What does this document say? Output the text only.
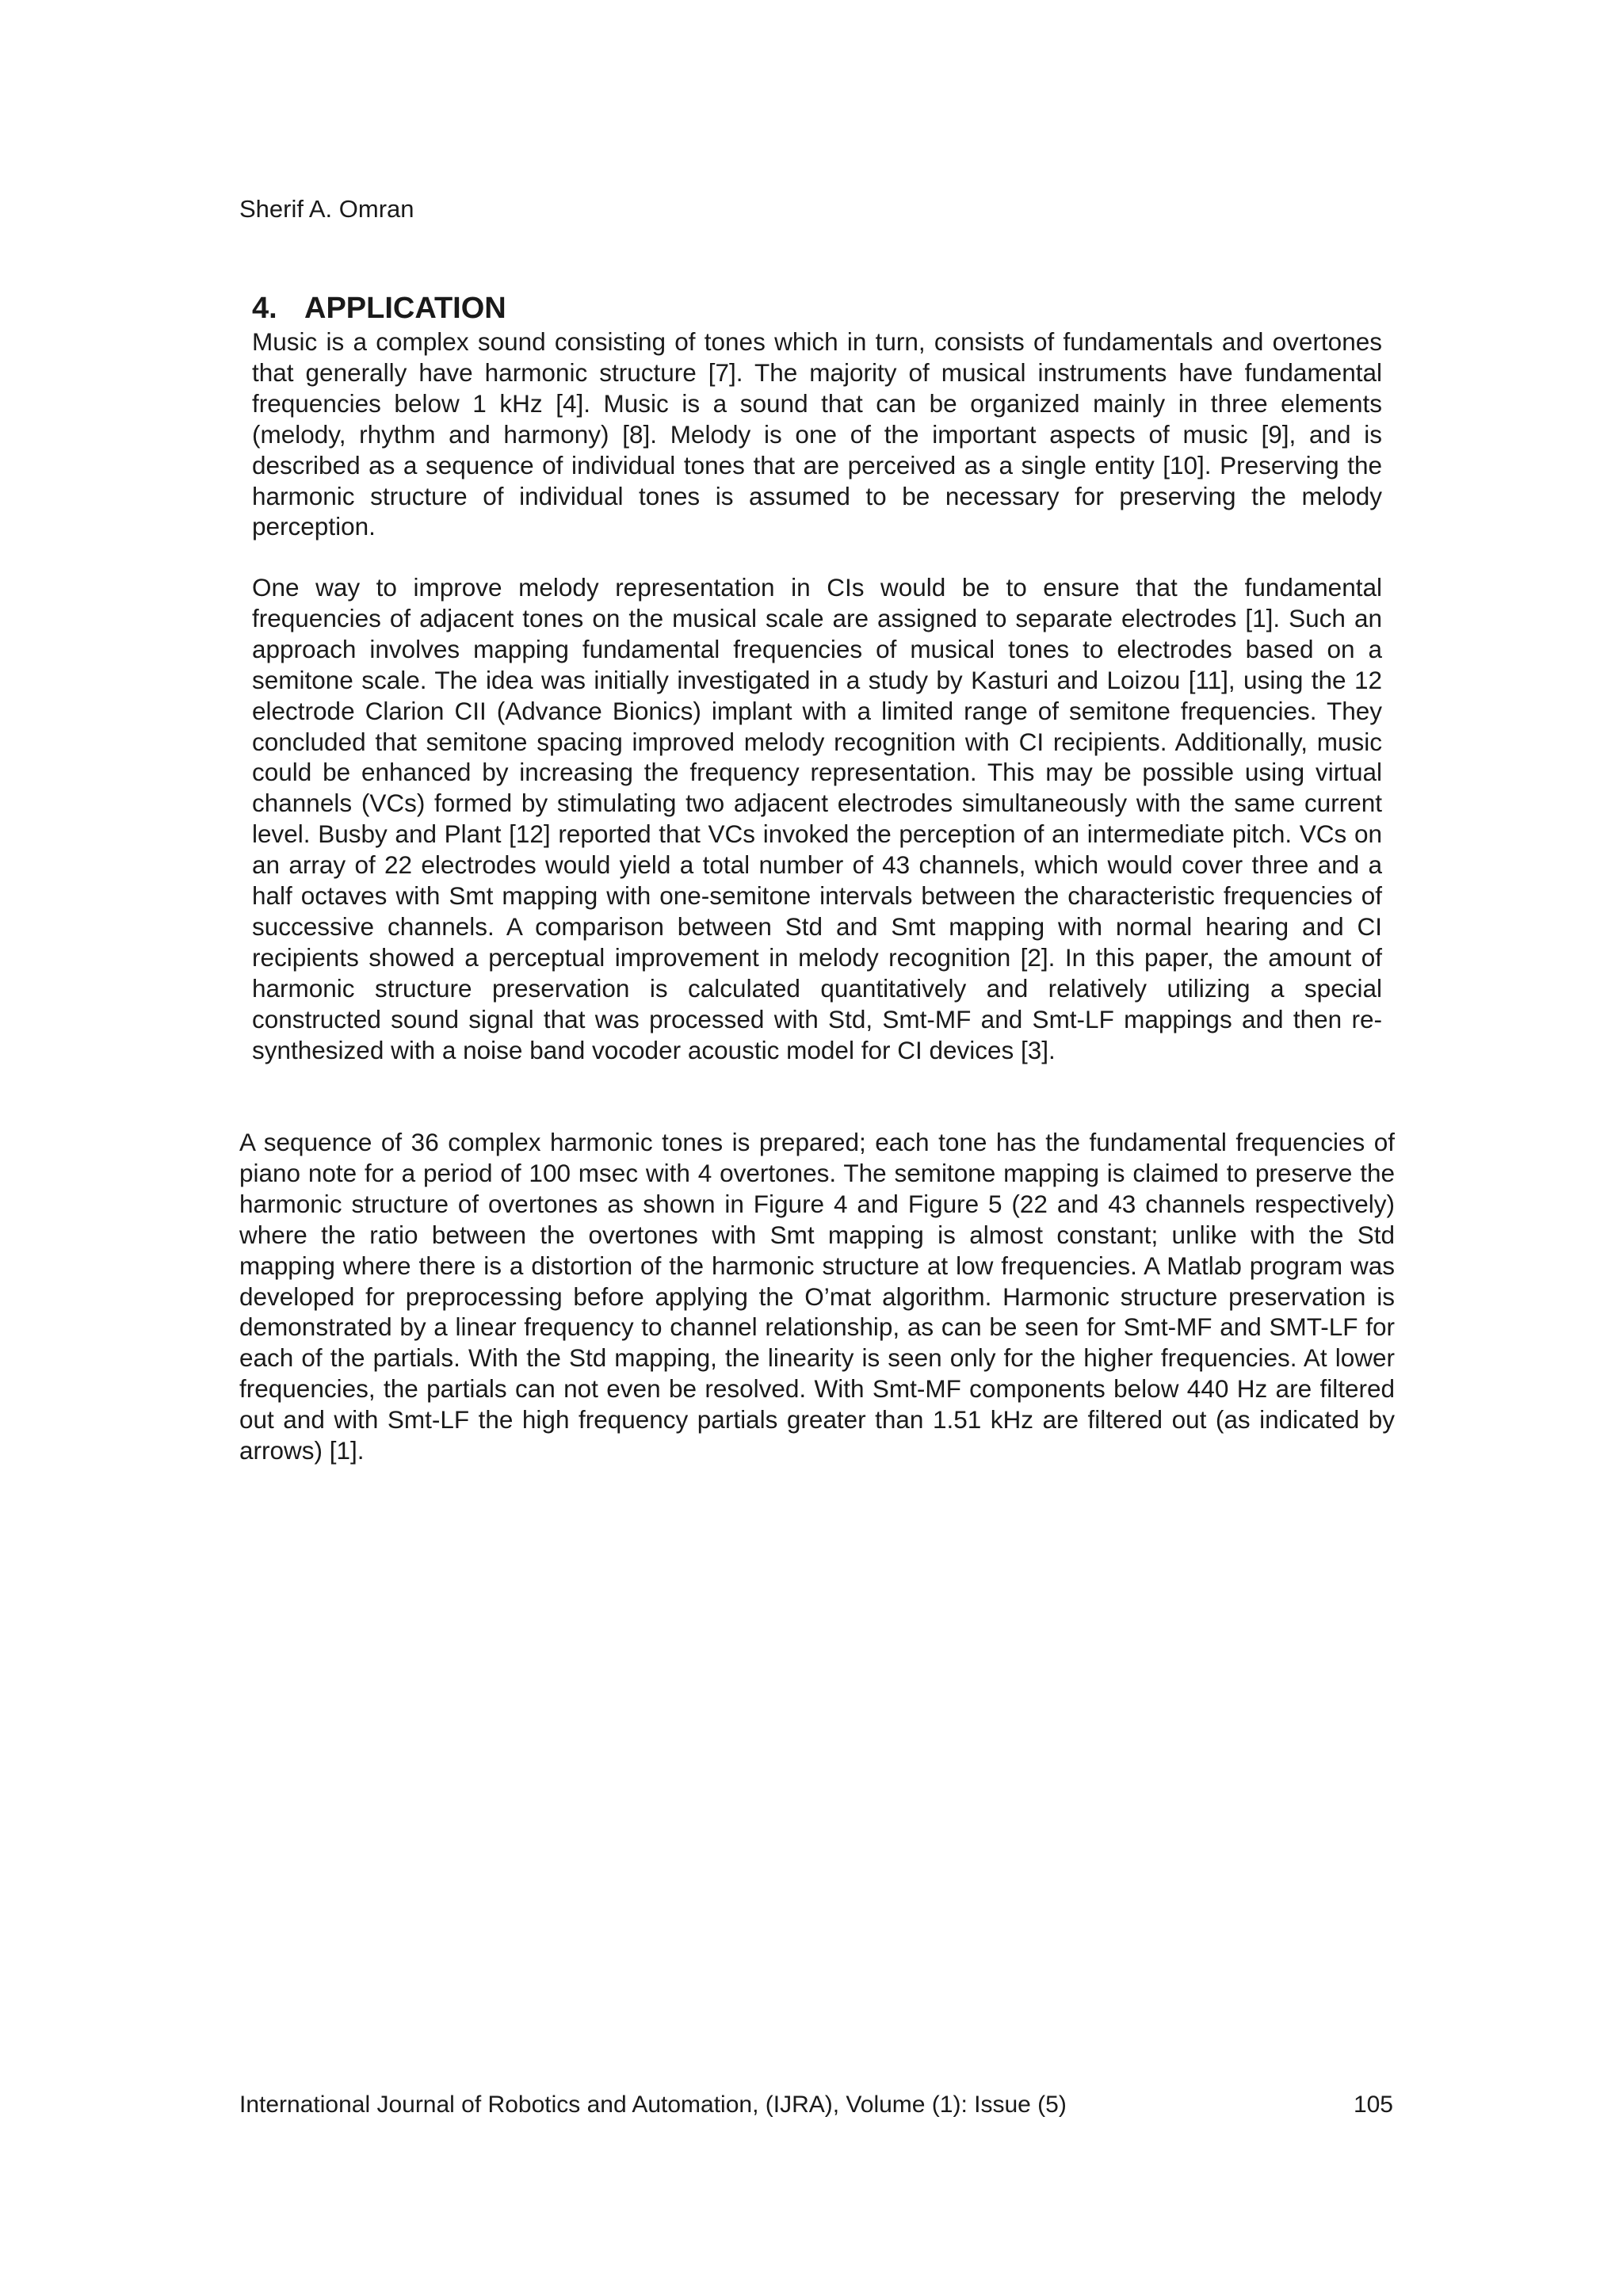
Sherif A. Omran
4. APPLICATION

Music is a complex sound consisting of tones which in turn, consists of fundamentals and overtones that generally have harmonic structure [7]. The majority of musical instruments have fundamental frequencies below 1 kHz [4]. Music is a sound that can be organized mainly in three elements (melody, rhythm and harmony) [8]. Melody is one of the important aspects of music [9], and is described as a sequence of individual tones that are perceived as a single entity [10]. Preserving the harmonic structure of individual tones is assumed to be necessary for preserving the melody perception.

One way to improve melody representation in CIs would be to ensure that the fundamental frequencies of adjacent tones on the musical scale are assigned to separate electrodes [1]. Such an approach involves mapping fundamental frequencies of musical tones to electrodes based on a semitone scale. The idea was initially investigated in a study by Kasturi and Loizou [11], using the 12 electrode Clarion CII (Advance Bionics) implant with a limited range of semitone frequencies. They concluded that semitone spacing improved melody recognition with CI recipients. Additionally, music could be enhanced by increasing the frequency representation. This may be possible using virtual channels (VCs) formed by stimulating two adjacent electrodes simultaneously with the same current level. Busby and Plant [12] reported that VCs invoked the perception of an intermediate pitch. VCs on an array of 22 electrodes would yield a total number of 43 channels, which would cover three and a half octaves with Smt mapping with one-semitone intervals between the characteristic frequencies of successive channels. A comparison between Std and Smt mapping with normal hearing and CI recipients showed a perceptual improvement in melody recognition [2]. In this paper, the amount of harmonic structure preservation is calculated quantitatively and relatively utilizing a special constructed sound signal that was processed with Std, Smt-MF and Smt-LF mappings and then re-synthesized with a noise band vocoder acoustic model for CI devices [3].

A sequence of 36 complex harmonic tones is prepared; each tone has the fundamental frequencies of piano note for a period of 100 msec with 4 overtones. The semitone mapping is claimed to preserve the harmonic structure of overtones as shown in Figure 4 and Figure 5 (22 and 43 channels respectively) where the ratio between the overtones with Smt mapping is almost constant; unlike with the Std mapping where there is a distortion of the harmonic structure at low frequencies. A Matlab program was developed for preprocessing before applying the O’mat algorithm. Harmonic structure preservation is demonstrated by a linear frequency to channel relationship, as can be seen for Smt-MF and SMT-LF for each of the partials. With the Std mapping, the linearity is seen only for the higher frequencies. At lower frequencies, the partials can not even be resolved. With Smt-MF components below 440 Hz are filtered out and with Smt-LF the high frequency partials greater than 1.51 kHz are filtered out (as indicated by arrows) [1].

International Journal of Robotics and Automation, (IJRA), Volume (1): Issue (5)	105
